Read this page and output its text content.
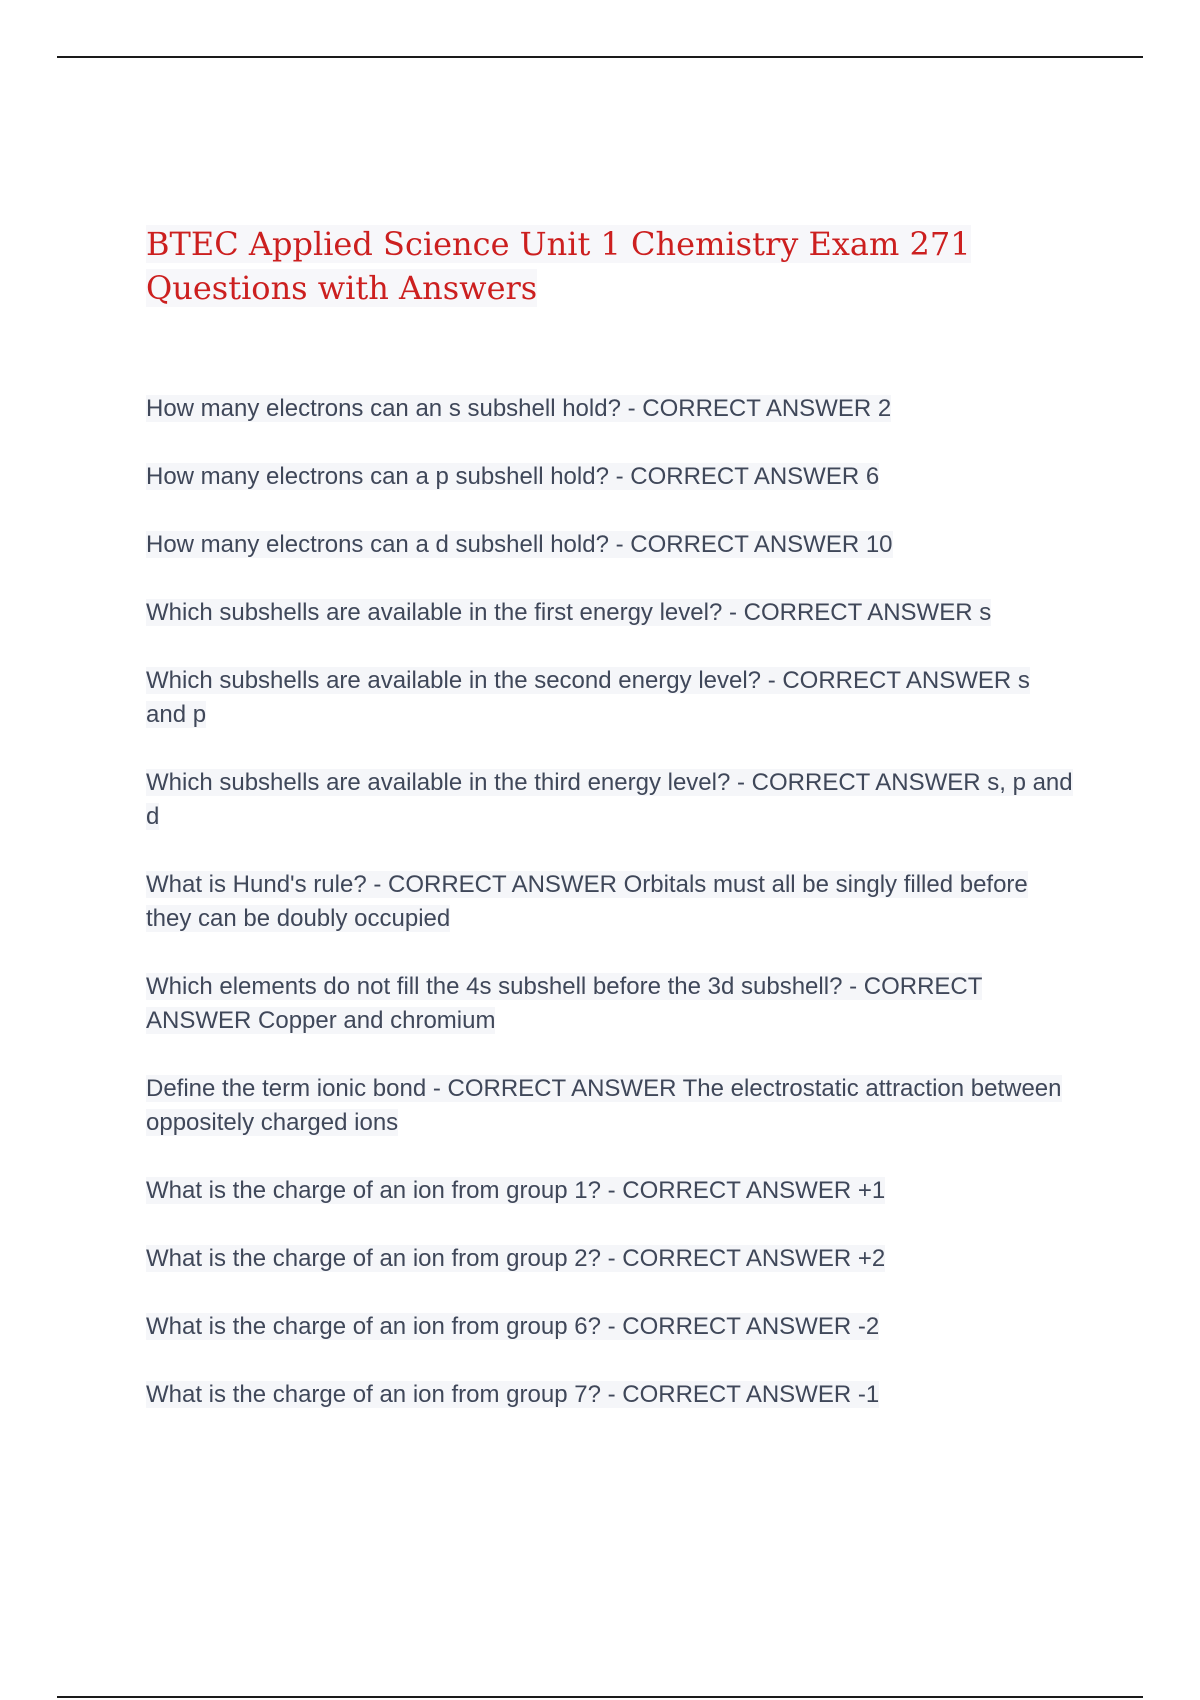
BTEC Applied Science Unit 1 Chemistry Exam 271 Questions with Answers
How many electrons can an s subshell hold? - CORRECT ANSWER 2
How many electrons can a p subshell hold? - CORRECT ANSWER 6
How many electrons can a d subshell hold? - CORRECT ANSWER 10
Which subshells are available in the first energy level? - CORRECT ANSWER s
Which subshells are available in the second energy level? - CORRECT ANSWER s and p
Which subshells are available in the third energy level? - CORRECT ANSWER s, p and d
What is Hund's rule? - CORRECT ANSWER Orbitals must all be singly filled before they can be doubly occupied
Which elements do not fill the 4s subshell before the 3d subshell? - CORRECT ANSWER Copper and chromium
Define the term ionic bond - CORRECT ANSWER The electrostatic attraction between oppositely charged ions
What is the charge of an ion from group 1? - CORRECT ANSWER +1
What is the charge of an ion from group 2? - CORRECT ANSWER +2
What is the charge of an ion from group 6? - CORRECT ANSWER -2
What is the charge of an ion from group 7? - CORRECT ANSWER -1
